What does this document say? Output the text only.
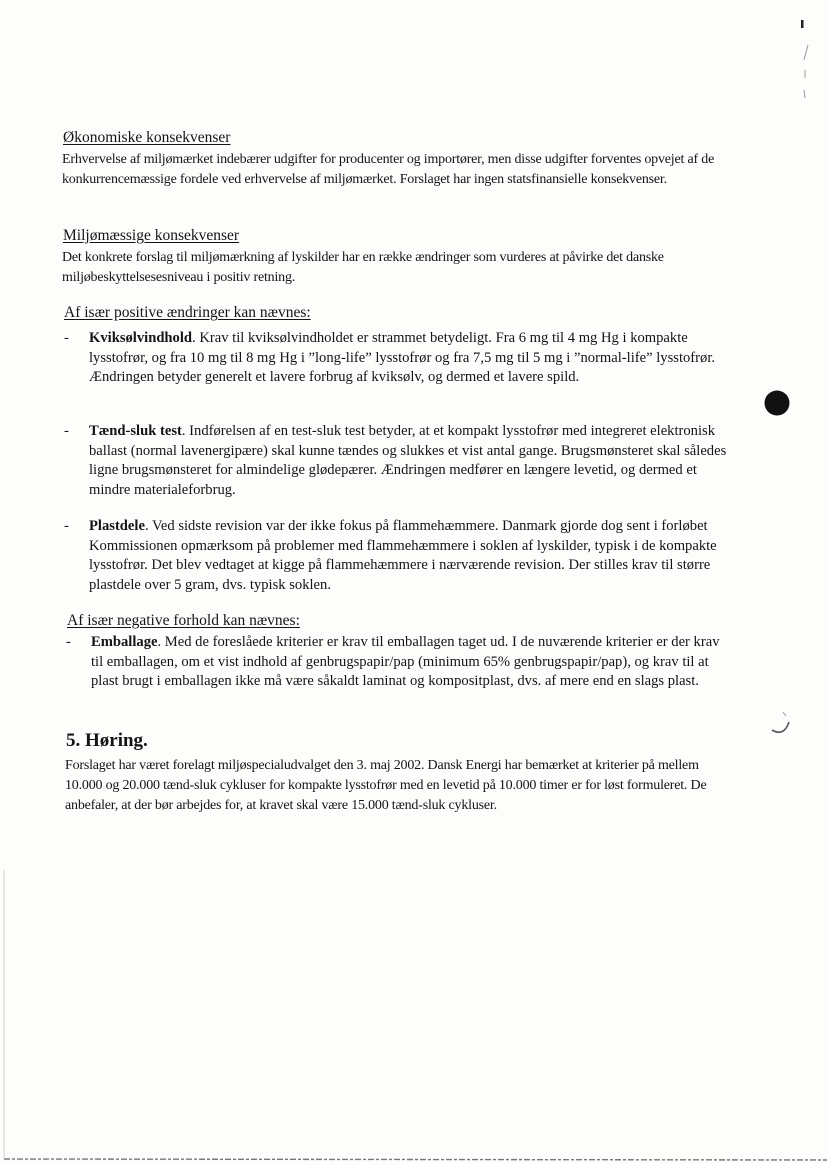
Økonomiske konsekvenser
Erhvervelse af miljømærket indebærer udgifter for producenter og importører, men disse udgifter forventes opvejet af de konkurrencemæssige fordele ved erhvervelse af miljømærket. Forslaget har ingen statsfinansielle konsekvenser.
Miljømæssige konsekvenser
Det konkrete forslag til miljømærkning af lyskilder har en række ændringer som vurderes at påvirke det danske miljøbeskyttelsesesniveau i positiv retning.
Af især positive ændringer kan nævnes:
- Kviksølvindhold. Krav til kviksølvindholdet er strammet betydeligt. Fra 6 mg til 4 mg Hg i kompakte lysstofrør, og fra 10 mg til 8 mg Hg i ”long-life” lysstofrør og fra 7,5 mg til 5 mg i ”normal-life” lysstofrør. Ændringen betyder generelt et lavere forbrug af kviksølv, og dermed et lavere spild.
- Tænd-sluk test. Indførelsen af en test-sluk test betyder, at et kompakt lysstofrør med integreret elektronisk ballast (normal lavenergipære) skal kunne tændes og slukkes et vist antal gange. Brugsmønsteret skal således ligne brugsmønsteret for almindelige glødepærer. Ændringen medfører en længere levetid, og dermed et mindre materialeforbrug.
- Plastdele. Ved sidste revision var der ikke fokus på flammehæmmere. Danmark gjorde dog sent i forløbet Kommissionen opmærksom på problemer med flammehæmmere i soklen af lyskilder, typisk i de kompakte lysstofrør. Det blev vedtaget at kigge på flammehæmmere i nærværende revision. Der stilles krav til større plastdele over 5 gram, dvs. typisk soklen.
Af især negative forhold kan nævnes:
- Emballage. Med de foreslåede kriterier er krav til emballagen taget ud. I de nuværende kriterier er der krav til emballagen, om et vist indhold af genbrugspapir/pap (minimum 65% genbrugspapir/pap), og krav til at plast brugt i emballagen ikke må være såkaldt laminat og kompositplast, dvs. af mere end en slags plast.
5. Høring.
Forslaget har været forelagt miljøspecialudvalget den 3. maj 2002. Dansk Energi har bemærket at kriterier på mellem 10.000 og 20.000 tænd-sluk cykluser for kompakte lysstofrør med en levetid på 10.000 timer er for løst formuleret. De anbefaler, at der bør arbejdes for, at kravet skal være 15.000 tænd-sluk cykluser.
